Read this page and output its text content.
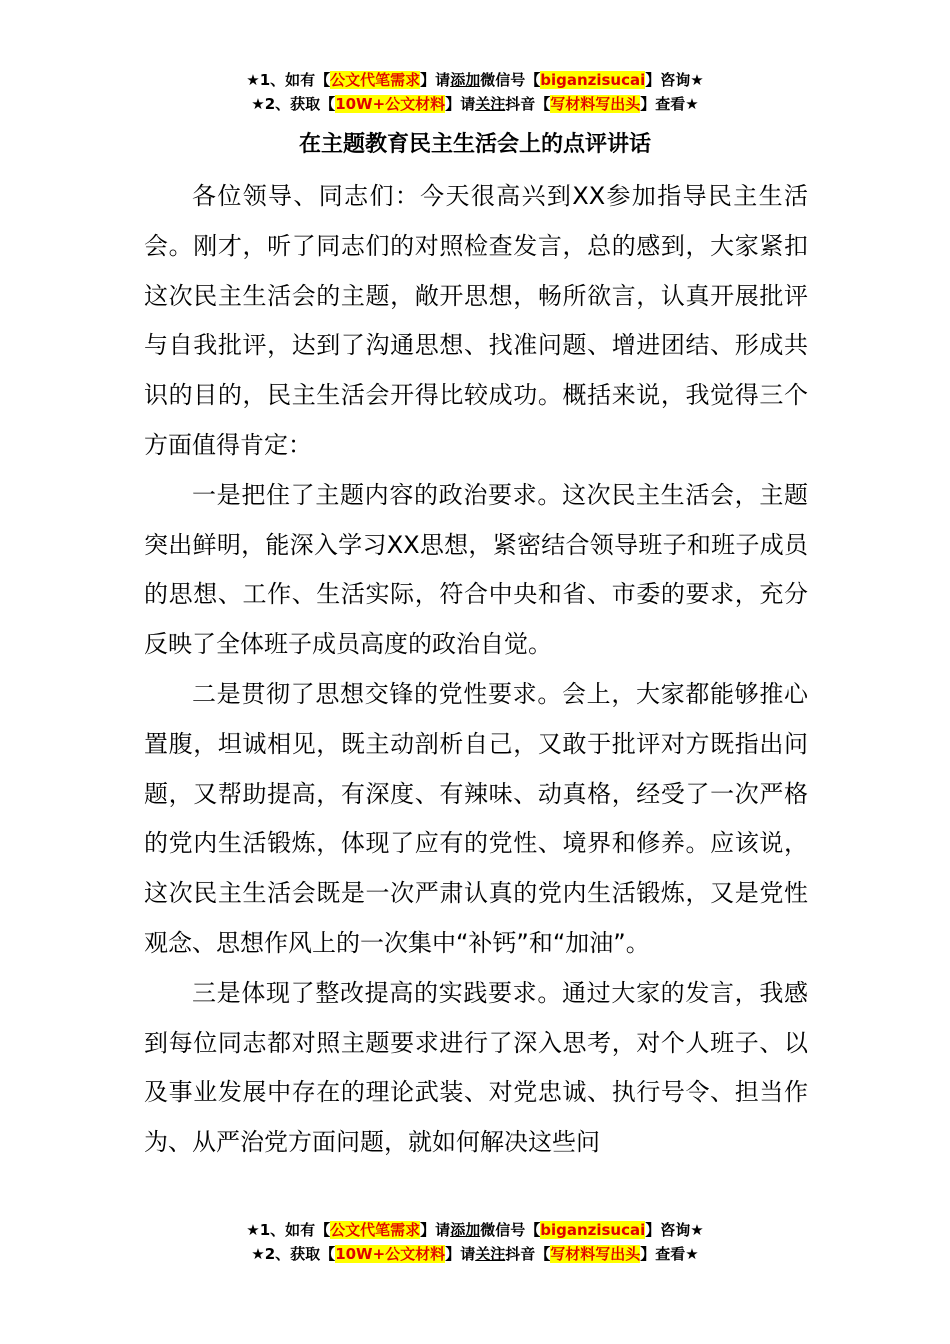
★1、如有【公文代笔需求】请添加微信号【biganzisucai】咨询★
★2、获取【10W+公文材料】请关注抖音【写材料写出头】查看★
在主题教育民主生活会上的点评讲话

各位领导、同志们：今天很高兴到XX参加指导民主生活会。刚才，听了同志们的对照检查发言，总的感到，大家紧扣这次民主生活会的主题，敞开思想，畅所欲言，认真开展批评与自我批评，达到了沟通思想、找准问题、增进团结、形成共识的目的，民主生活会开得比较成功。概括来说，我觉得三个方面值得肯定：

一是把住了主题内容的政治要求。这次民主生活会，主题突出鲜明，能深入学习XX思想，紧密结合领导班子和班子成员的思想、工作、生活实际，符合中央和省、市委的要求，充分反映了全体班子成员高度的政治自觉。

二是贯彻了思想交锋的党性要求。会上，大家都能够推心置腹，坦诚相见，既主动剖析自己，又敢于批评对方既指出问题，又帮助提高，有深度、有辣味、动真格，经受了一次严格的党内生活锻炼，体现了应有的党性、境界和修养。应该说，这次民主生活会既是一次严肃认真的党内生活锻炼，又是党性观念、思想作风上的一次集中“补钙”和“加油”。

三是体现了整改提高的实践要求。通过大家的发言，我感到每位同志都对照主题要求进行了深入思考，对个人班子、以及事业发展中存在的理论武装、对党忠诚、执行号令、担当作为、从严治党方面问题，就如何解决这些问

★1、如有【公文代笔需求】请添加微信号【biganzisucai】咨询★
★2、获取【10W+公文材料】请关注抖音【写材料写出头】查看★
